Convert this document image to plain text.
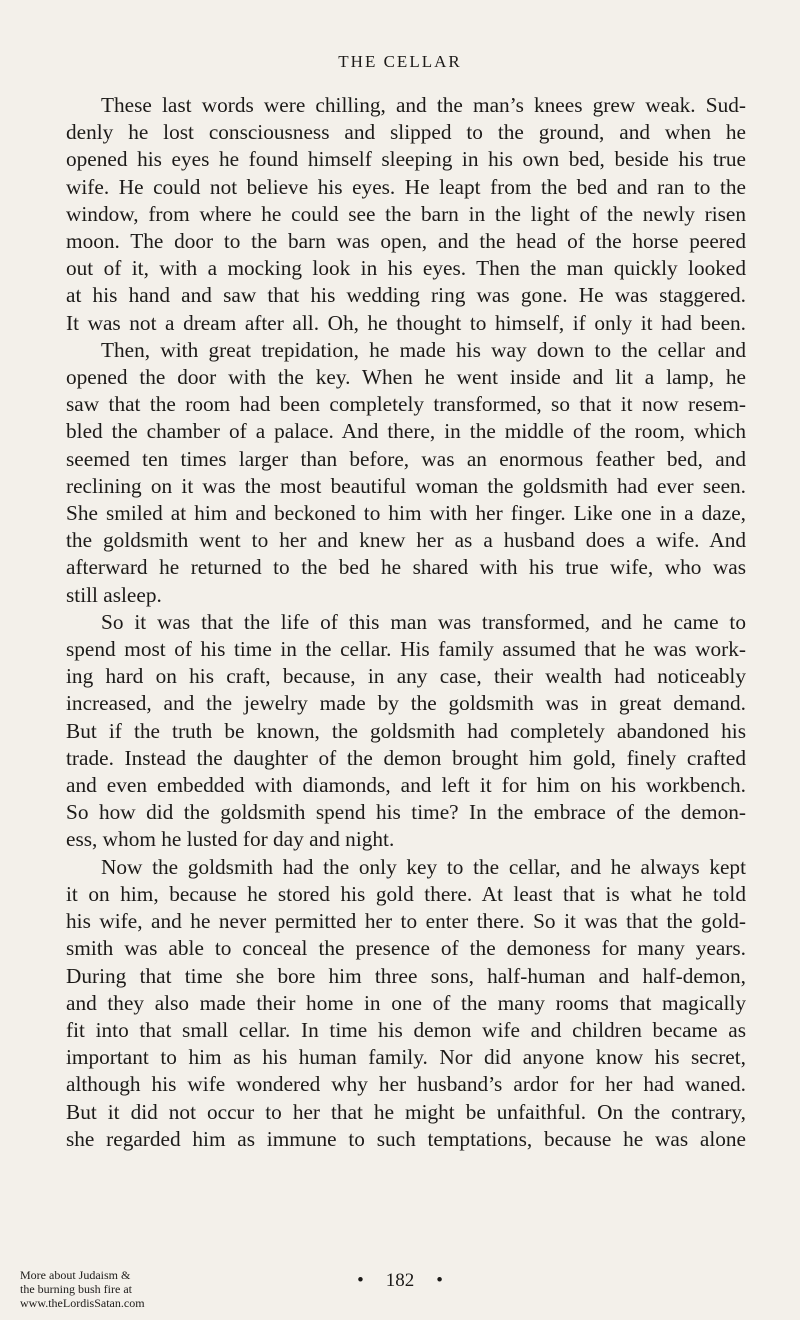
THE CELLAR
These last words were chilling, and the man’s knees grew weak. Sud-
denly he lost consciousness and slipped to the ground, and when he
opened his eyes he found himself sleeping in his own bed, beside his true
wife. He could not believe his eyes. He leapt from the bed and ran to the
window, from where he could see the barn in the light of the newly risen
moon. The door to the barn was open, and the head of the horse peered
out of it, with a mocking look in his eyes. Then the man quickly looked
at his hand and saw that his wedding ring was gone. He was staggered.
It was not a dream after all. Oh, he thought to himself, if only it had been.
Then, with great trepidation, he made his way down to the cellar and
opened the door with the key. When he went inside and lit a lamp, he
saw that the room had been completely transformed, so that it now resem-
bled the chamber of a palace. And there, in the middle of the room, which
seemed ten times larger than before, was an enormous feather bed, and
reclining on it was the most beautiful woman the goldsmith had ever seen.
She smiled at him and beckoned to him with her finger. Like one in a daze,
the goldsmith went to her and knew her as a husband does a wife. And
afterward he returned to the bed he shared with his true wife, who was
still asleep.
So it was that the life of this man was transformed, and he came to
spend most of his time in the cellar. His family assumed that he was work-
ing hard on his craft, because, in any case, their wealth had noticeably
increased, and the jewelry made by the goldsmith was in great demand.
But if the truth be known, the goldsmith had completely abandoned his
trade. Instead the daughter of the demon brought him gold, finely crafted
and even embedded with diamonds, and left it for him on his workbench.
So how did the goldsmith spend his time? In the embrace of the demon-
ess, whom he lusted for day and night.
Now the goldsmith had the only key to the cellar, and he always kept
it on him, because he stored his gold there. At least that is what he told
his wife, and he never permitted her to enter there. So it was that the gold-
smith was able to conceal the presence of the demoness for many years.
During that time she bore him three sons, half-human and half-demon,
and they also made their home in one of the many rooms that magically
fit into that small cellar. In time his demon wife and children became as
important to him as his human family. Nor did anyone know his secret,
although his wife wondered why her husband’s ardor for her had waned.
But it did not occur to her that he might be unfaithful. On the contrary,
she regarded him as immune to such temptations, because he was alone
• 182 •
More about Judaism &
the burning bush fire at
www.theLordisSatan.com
